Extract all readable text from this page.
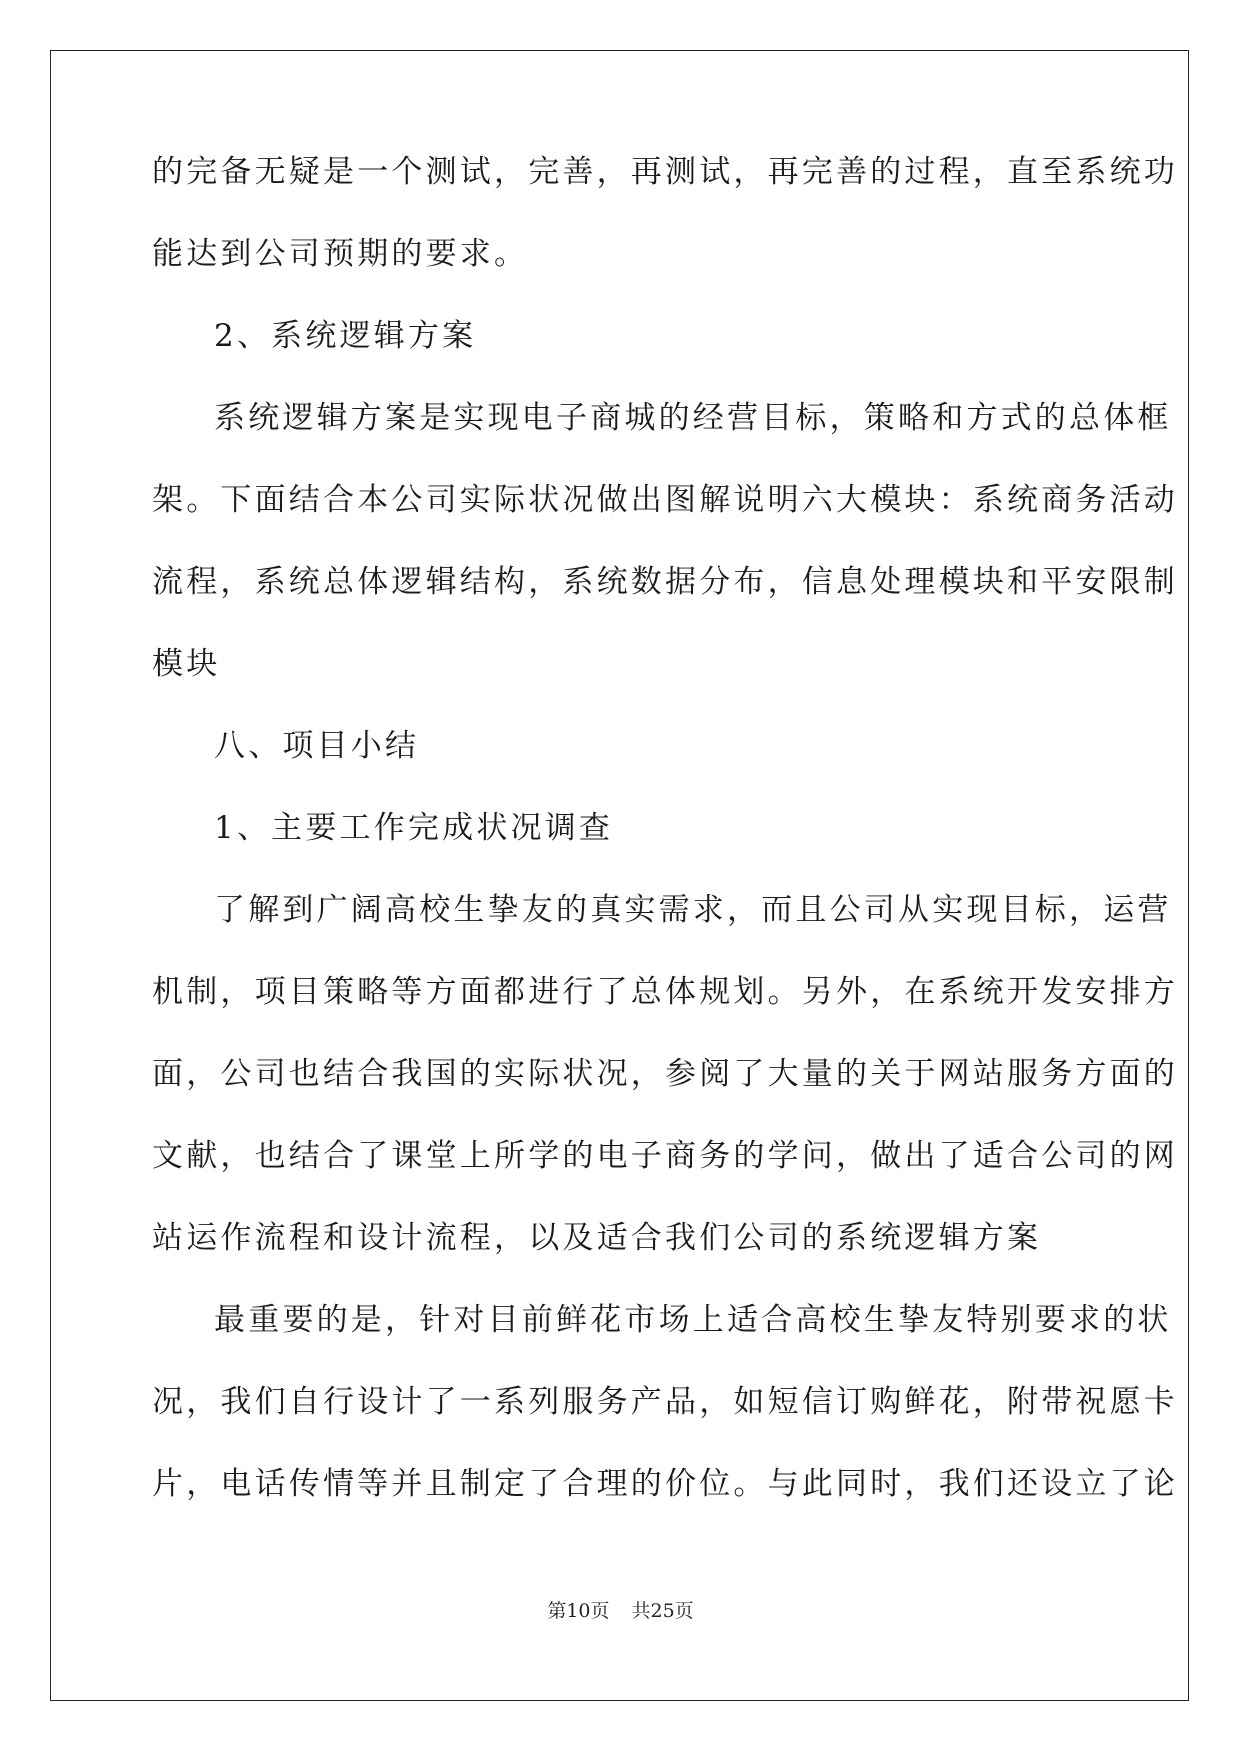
的完备无疑是一个测试，完善，再测试，再完善的过程，直至系统功
能达到公司预期的要求。
2、系统逻辑方案
系统逻辑方案是实现电子商城的经营目标，策略和方式的总体框
架。下面结合本公司实际状况做出图解说明六大模块：系统商务活动
流程，系统总体逻辑结构，系统数据分布，信息处理模块和平安限制
模块
八、项目小结
1、主要工作完成状况调查
了解到广阔高校生挚友的真实需求，而且公司从实现目标，运营
机制，项目策略等方面都进行了总体规划。另外，在系统开发安排方
面，公司也结合我国的实际状况，参阅了大量的关于网站服务方面的
文献，也结合了课堂上所学的电子商务的学问，做出了适合公司的网
站运作流程和设计流程，以及适合我们公司的系统逻辑方案
最重要的是，针对目前鲜花市场上适合高校生挚友特别要求的状
况，我们自行设计了一系列服务产品，如短信订购鲜花，附带祝愿卡
片，电话传情等并且制定了合理的价位。与此同时，我们还设立了论
第10页 共25页
